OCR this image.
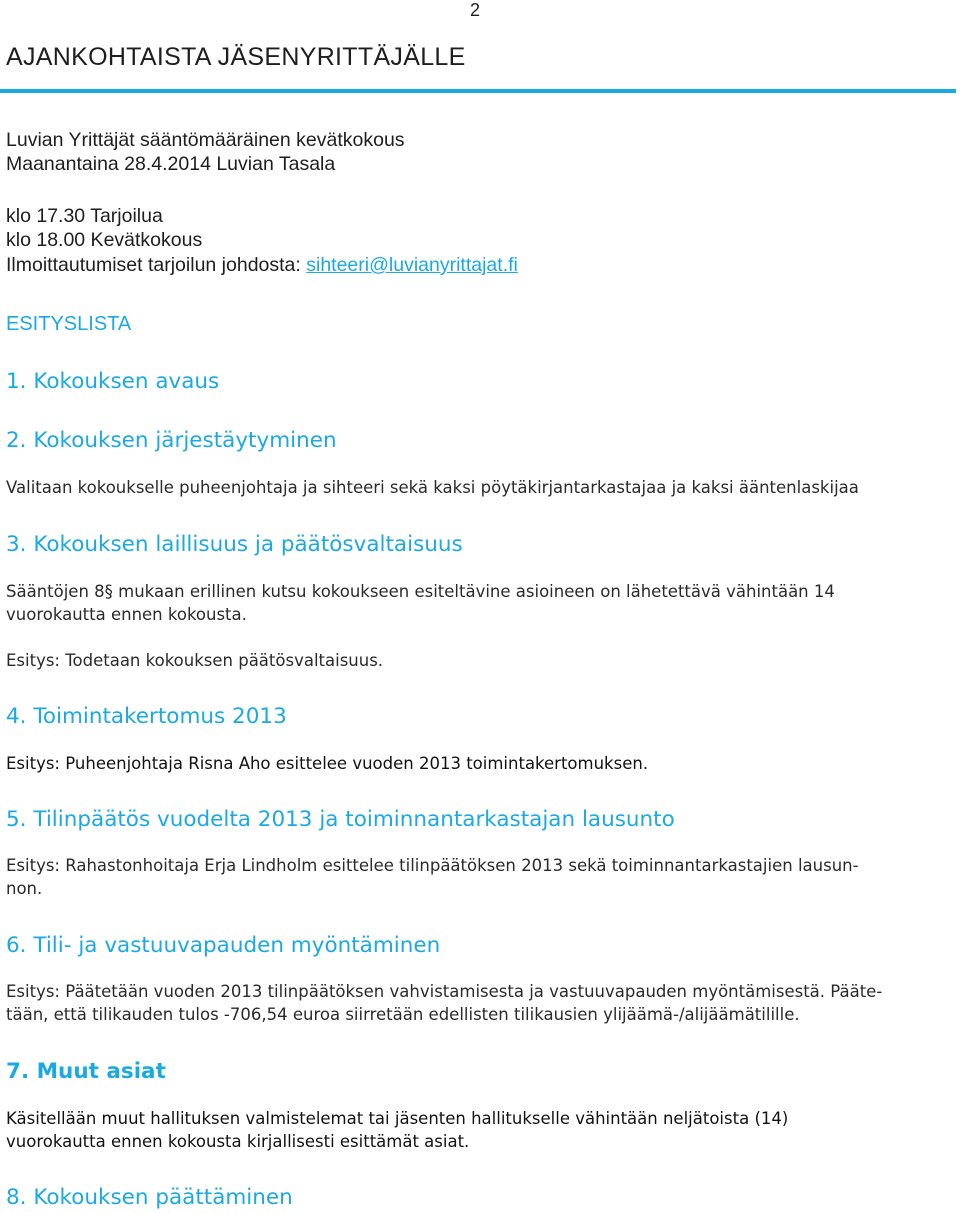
2
AJANKOHTAISTA JÄSENYRITTÄJÄLLE
Luvian Yrittäjät sääntömääräinen kevätkokous
Maanantaina 28.4.2014 Luvian Tasala
klo 17.30 Tarjoilua
klo 18.00 Kevätkokous
Ilmoittautumiset tarjoilun johdosta: sihteeri@luvianyrittajat.fi
ESITYSLISTA
1. Kokouksen avaus
2. Kokouksen järjestäytyminen
Valitaan kokoukselle puheenjohtaja ja sihteeri sekä kaksi pöytäkirjantarkastajaa ja kaksi ääntenlaskijaa
3. Kokouksen laillisuus ja päätösvaltaisuus
Sääntöjen 8§ mukaan erillinen kutsu kokoukseen esiteltävine asioineen on lähetettävä vähintään 14
vuorokautta ennen kokousta.
Esitys: Todetaan kokouksen päätösvaltaisuus.
4. Toimintakertomus 2013
Esitys: Puheenjohtaja Risna Aho esittelee vuoden 2013 toimintakertomuksen.
5. Tilinpäätös vuodelta 2013 ja toiminnantarkastajan lausunto
Esitys: Rahastonhoitaja Erja Lindholm esittelee tilinpäätöksen 2013 sekä toiminnantarkastajien lausun-
non.
6. Tili- ja vastuuvapauden myöntäminen
Esitys: Päätetään vuoden 2013 tilinpäätöksen vahvistamisesta ja vastuuvapauden myöntämisestä. Pääte-
tään, että tilikauden tulos -706,54 euroa siirretään edellisten tilikausien ylijäämä-/alijäämätilille.
7. Muut asiat
Käsitellään muut hallituksen valmistelemat tai jäsenten hallitukselle vähintään neljätoista (14)
vuorokautta ennen kokousta kirjallisesti esittämät asiat.
8. Kokouksen päättäminen
